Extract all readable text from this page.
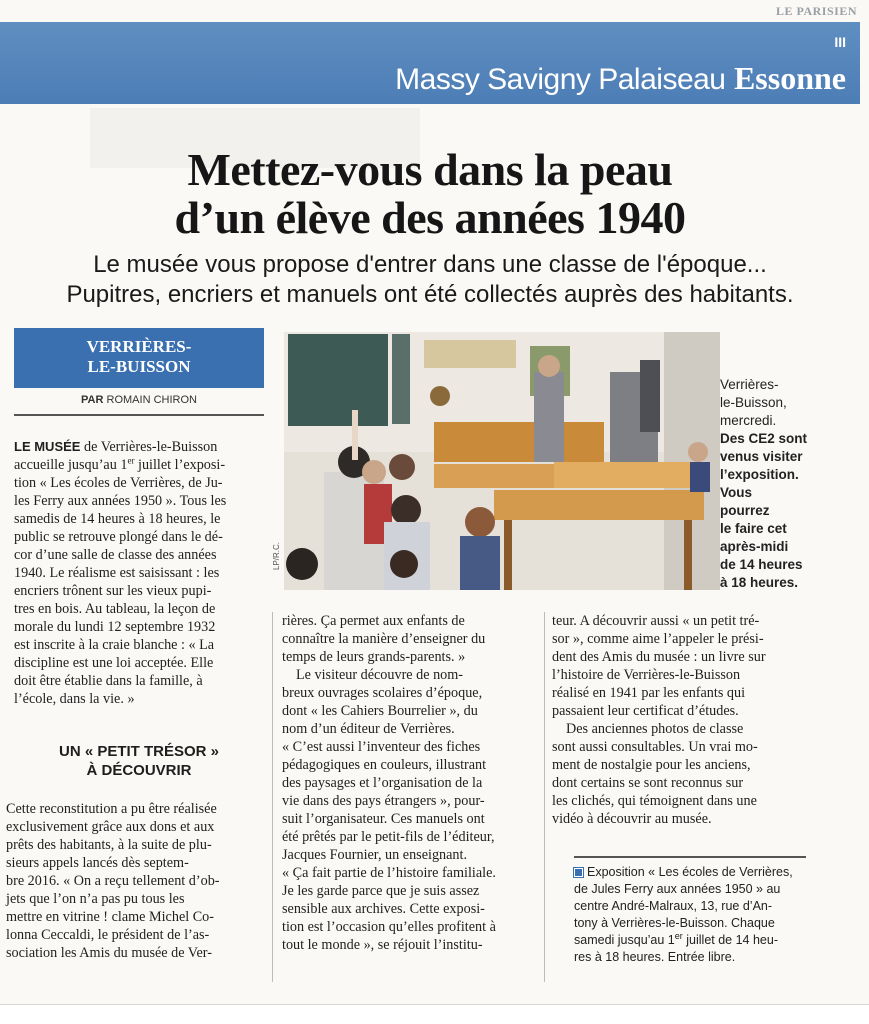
LE PARISIEN
III
Massy Savigny Palaiseau Essonne
Mettez-vous dans la peau
d’un élève des années 1940
Le musée vous propose d'entrer dans une classe de l'époque...
Pupitres, encriers et manuels ont été collectés auprès des habitants.
VERRIÈRES-
LE-BUISSON
PAR ROMAIN CHIRON
LE MUSÉE de Verrières-le-Buisson
accueille jusqu’au 1er juillet l’exposi-
tion « Les écoles de Verrières, de Ju-
les Ferry aux années 1950 ». Tous les
samedis de 14 heures à 18 heures, le
public se retrouve plongé dans le dé-
cor d’une salle de classe des années
1940. Le réalisme est saisissant : les
encriers trônent sur les vieux pupi-
tres en bois. Au tableau, la leçon de
morale du lundi 12 septembre 1932
est inscrite à la craie blanche : « La
discipline est une loi acceptée. Elle
doit être établie dans la famille, à
l’école, dans la vie. »
UN « PETIT TRÉSOR »
À DÉCOUVRIR
Cette reconstitution a pu être réalisée
exclusivement grâce aux dons et aux
prêts des habitants, à la suite de plu-
sieurs appels lancés dès septem-
bre 2016. « On a reçu tellement d’ob-
jets que l’on n’a pas pu tous les
mettre en vitrine ! clame Michel Co-
lonna Ceccaldi, le président de l’as-
sociation les Amis du musée de Ver-
LP/R.C.
Verrières-
le-Buisson,
mercredi.
Des CE2 sont
venus visiter
l’exposition.
Vous
pourrez
le faire cet
après-midi
de 14 heures
à 18 heures.
rières. Ça permet aux enfants de
connaître la manière d’enseigner du
temps de leurs grands-parents. »
Le visiteur découvre de nom-
breux ouvrages scolaires d’époque,
dont « les Cahiers Bourrelier », du
nom d’un éditeur de Verrières.
« C’est aussi l’inventeur des fiches
pédagogiques en couleurs, illustrant
des paysages et l’organisation de la
vie dans des pays étrangers », pour-
suit l’organisateur. Ces manuels ont
été prêtés par le petit-fils de l’éditeur,
Jacques Fournier, un enseignant.
« Ça fait partie de l’histoire familiale.
Je les garde parce que je suis assez
sensible aux archives. Cette exposi-
tion est l’occasion qu’elles profitent à
tout le monde », se réjouit l’institu-
teur. A découvrir aussi « un petit tré-
sor », comme aime l’appeler le prési-
dent des Amis du musée : un livre sur
l’histoire de Verrières-le-Buisson
réalisé en 1941 par les enfants qui
passaient leur certificat d’études.
Des anciennes photos de classe
sont aussi consultables. Un vrai mo-
ment de nostalgie pour les anciens,
dont certains se sont reconnus sur
les clichés, qui témoignent dans une
vidéo à découvrir au musée.
Exposition « Les écoles de Verrières,
de Jules Ferry aux années 1950 » au
centre André-Malraux, 13, rue d’An-
tony à Verrières-le-Buisson. Chaque
samedi jusqu’au 1er juillet de 14 heu-
res à 18 heures. Entrée libre.
